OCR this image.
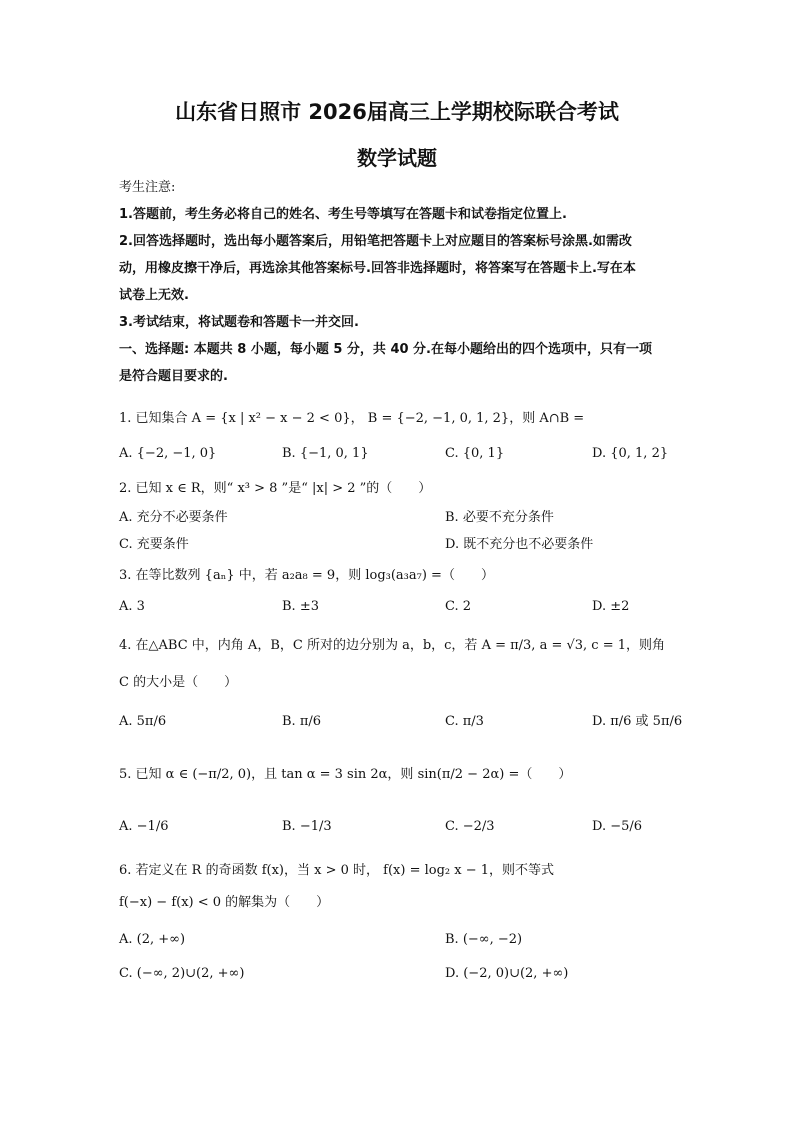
山东省日照市 2026届高三上学期校际联合考试
数学试题
考生注意:
1.答题前，考生务必将自己的姓名、考生号等填写在答题卡和试卷指定位置上.
2.回答选择题时，选出每小题答案后，用铅笔把答题卡上对应题目的答案标号涂黑.如需改
动，用橡皮擦干净后，再选涂其他答案标号.回答非选择题时，将答案写在答题卡上.写在本
试卷上无效.
3.考试结束，将试题卷和答题卡一并交回.
一、选择题: 本题共 8 小题，每小题 5 分，共 40 分.在每小题给出的四个选项中，只有一项
是符合题目要求的.
1. 已知集合 A = {x | x² − x − 2 < 0}， B = {−2, −1, 0, 1, 2}，则 A∩B =
A. {−2, −1, 0}	B. {−1, 0, 1}	C. {0, 1}	D. {0, 1, 2}
2. 已知 x ∈ R，则“ x³ > 8 ”是“ |x| > 2 ”的（　　）
A. 充分不必要条件	B. 必要不充分条件
C. 充要条件	D. 既不充分也不必要条件
3. 在等比数列 {aₙ} 中，若 a₂a₈ = 9，则 log₃(a₃a₇) =（　　）
A. 3	B. ±3	C. 2	D. ±2
4. 在△ABC 中，内角 A，B，C 所对的边分别为 a，b，c，若 A = π/3, a = √3, c = 1，则角
C 的大小是（　　）
A. 5π/6	B. π/6	C. π/3	D. π/6 或 5π/6
5. 已知 α ∈ (−π/2, 0)，且 tan α = 3 sin 2α，则 sin(π/2 − 2α) =（　　）
A. −1/6	B. −1/3	C. −2/3	D. −5/6
6. 若定义在 R 的奇函数 f(x)，当 x > 0 时， f(x) = log₂ x − 1，则不等式
f(−x) − f(x) < 0 的解集为（　　）
A. (2, +∞)	B. (−∞, −2)
C. (−∞, 2)∪(2, +∞)	D. (−2, 0)∪(2, +∞)
